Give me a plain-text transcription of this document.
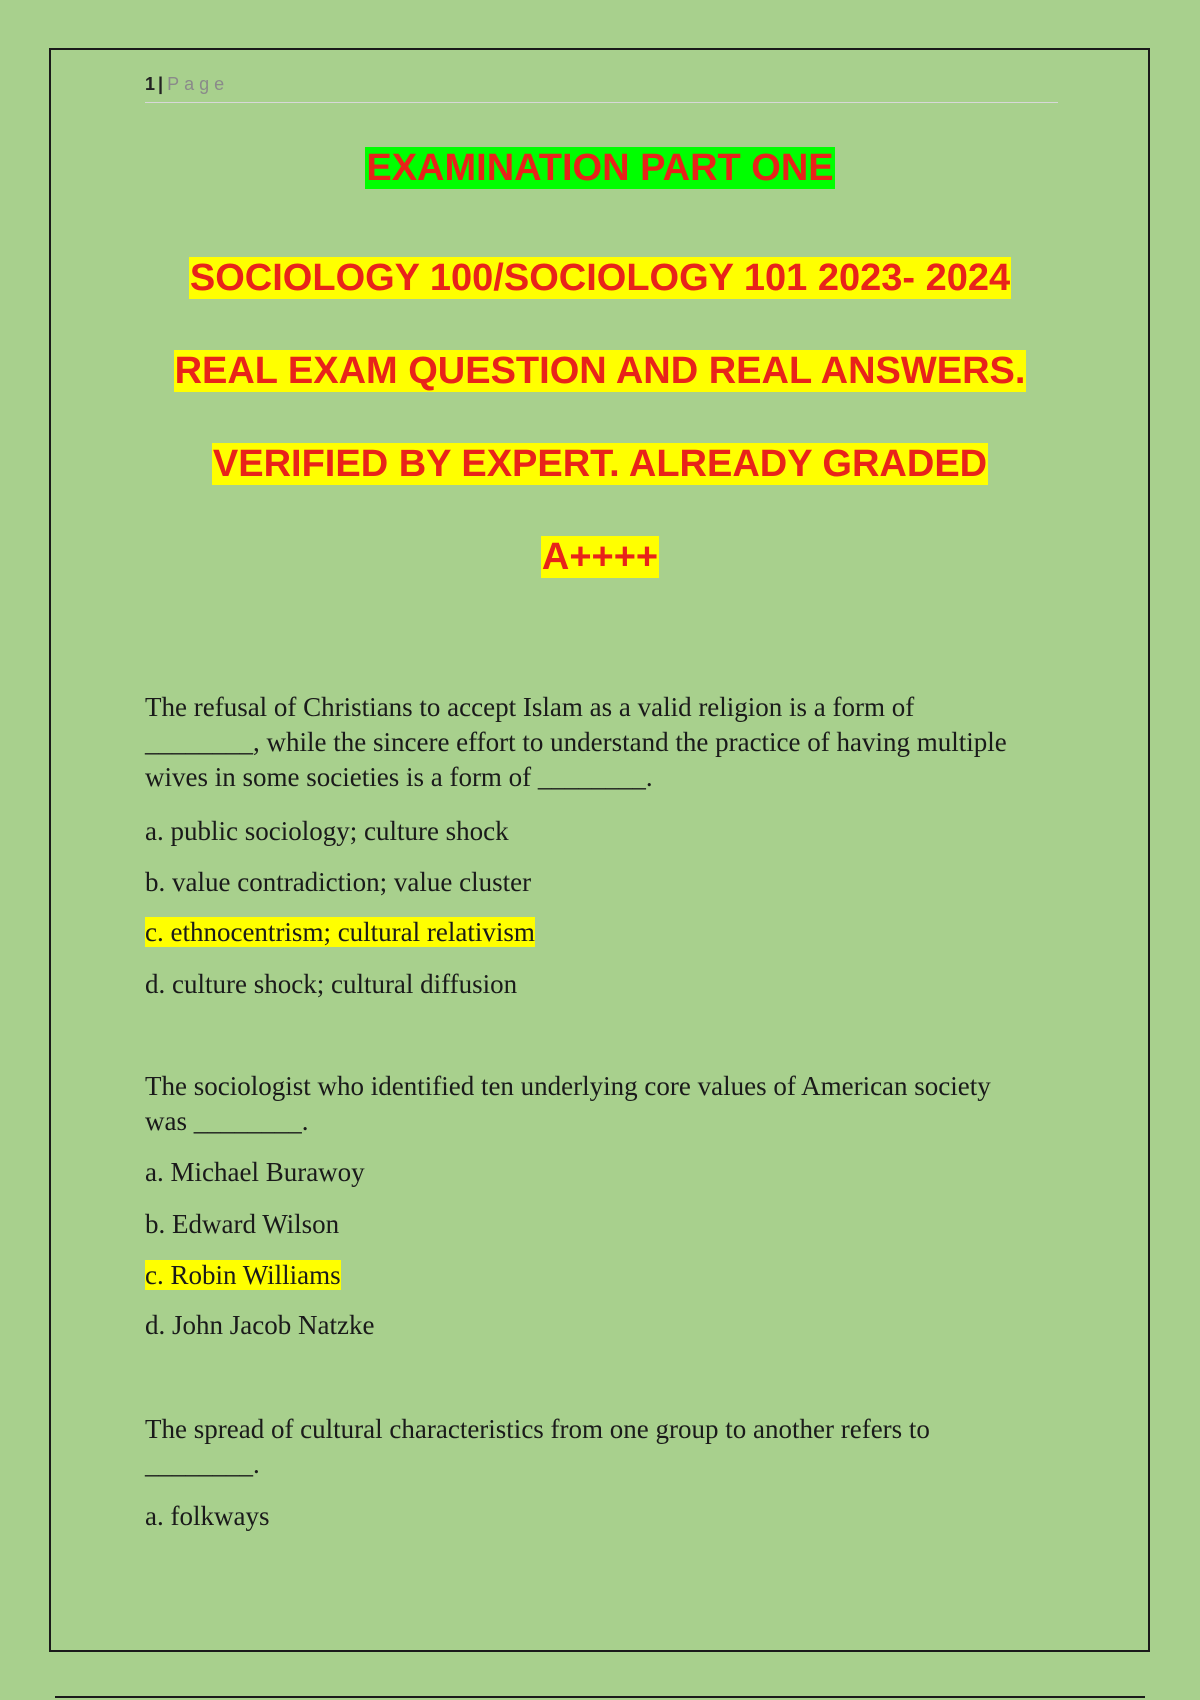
1 | Page
EXAMINATION PART ONE
SOCIOLOGY 100/SOCIOLOGY 101 2023- 2024
REAL EXAM QUESTION AND REAL ANSWERS.
VERIFIED BY EXPERT. ALREADY GRADED
A++++
The refusal of Christians to accept Islam as a valid religion is a form of
________, while the sincere effort to understand the practice of having multiple
wives in some societies is a form of ________.
a. public sociology; culture shock
b. value contradiction; value cluster
c. ethnocentrism; cultural relativism
d. culture shock; cultural diffusion
The sociologist who identified ten underlying core values of American society
was ________.
a. Michael Burawoy
b. Edward Wilson
c. Robin Williams
d. John Jacob Natzke
The spread of cultural characteristics from one group to another refers to
________.
a. folkways
